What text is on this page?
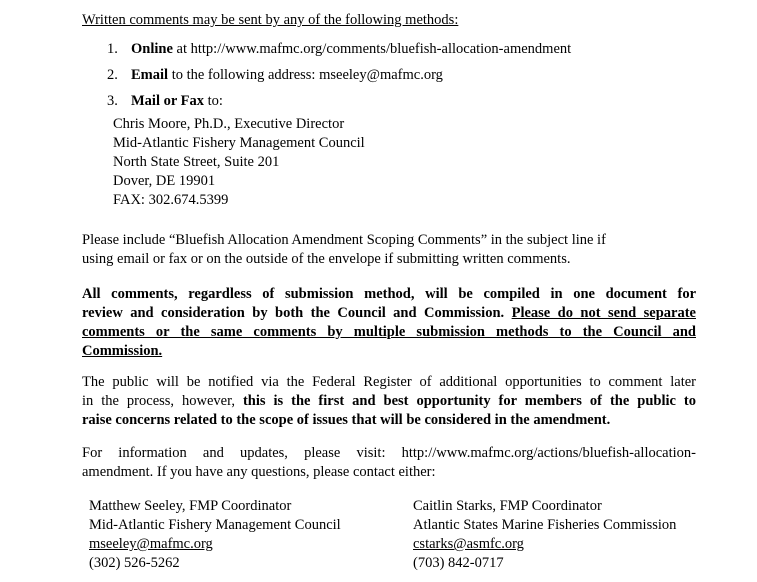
Written comments may be sent by any of the following methods:
1. Online at http://www.mafmc.org/comments/bluefish-allocation-amendment
2. Email to the following address: mseeley@mafmc.org
3. Mail or Fax to:
Chris Moore, Ph.D., Executive Director
Mid-Atlantic Fishery Management Council
North State Street, Suite 201
Dover, DE 19901
FAX: 302.674.5399
Please include “Bluefish Allocation Amendment Scoping Comments” in the subject line if
using email or fax or on the outside of the envelope if submitting written comments.
All comments, regardless of submission method, will be compiled in one document for
review and consideration by both the Council and Commission. Please do not send separate
comments or the same comments by multiple submission methods to the Council and
Commission.
The public will be notified via the Federal Register of additional opportunities to comment later
in the process, however, this is the first and best opportunity for members of the public to
raise concerns related to the scope of issues that will be considered in the amendment.
For information and updates, please visit: http://www.mafmc.org/actions/bluefish-allocation-
amendment. If you have any questions, please contact either:
Matthew Seeley, FMP Coordinator
Mid-Atlantic Fishery Management Council
mseeley@mafmc.org
(302) 526-5262
Caitlin Starks, FMP Coordinator
Atlantic States Marine Fisheries Commission
cstarks@asmfc.org
(703) 842-0717
